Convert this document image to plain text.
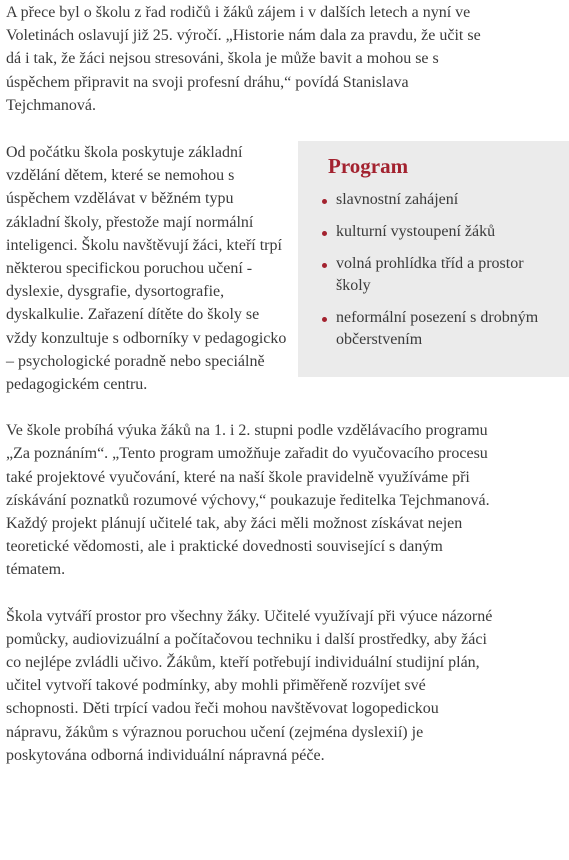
A přece byl o školu z řad rodičů i žáků zájem i v dalších letech a nyní ve Voletinách oslavují již 25. výročí. „Historie nám dala za pravdu, že učit se dá i tak, že žáci nejsou stresováni, škola je může bavit a mohou se s úspěchem připravit na svoji profesní dráhu,“ povídá Stanislava Tejchmanová.

Program
slavnostní zahájení
kulturní vystoupení žáků
volná prohlídka tříd a prostor školy
neformální posezení s drobným občerstvením

Od počátku škola poskytuje základní vzdělání dětem, které se nemohou s úspěchem vzdělávat v běžném typu základní školy, přestože mají normální inteligenci. Školu navštěvují žáci, kteří trpí některou specifickou poruchou učení - dyslexie, dysgrafie, dysortografie, dyskalkulie. Zařazení dítěte do školy se vždy konzultuje s odborníky v pedagogicko – psychologické poradně nebo speciálně pedagogickém centru.

Ve škole probíhá výuka žáků na 1. i 2. stupni podle vzdělávacího programu „Za poznáním“. „Tento program umožňuje zařadit do vyučovacího procesu také projektové vyučování, které na naší škole pravidelně využíváme při získávání poznatků rozumové výchovy,“ poukazuje ředitelka Tejchmanová. Každý projekt plánují učitelé tak, aby žáci měli možnost získávat nejen teoretické vědomosti, ale i praktické dovednosti související s daným tématem.

Škola vytváří prostor pro všechny žáky. Učitelé využívají při výuce názorné pomůcky, audiovizuální a počítačovou techniku i další prostředky, aby žáci co nejlépe zvládli učivo. Žákům, kteří potřebují individuální studijní plán, učitel vytvoří takové podmínky, aby mohli přiměřeně rozvíjet své schopnosti. Děti trpící vadou řeči mohou navštěvovat logopedickou nápravu, žákům s výraznou poruchou učení (zejména dyslexií) je poskytována odborná individuální nápravná péče.
